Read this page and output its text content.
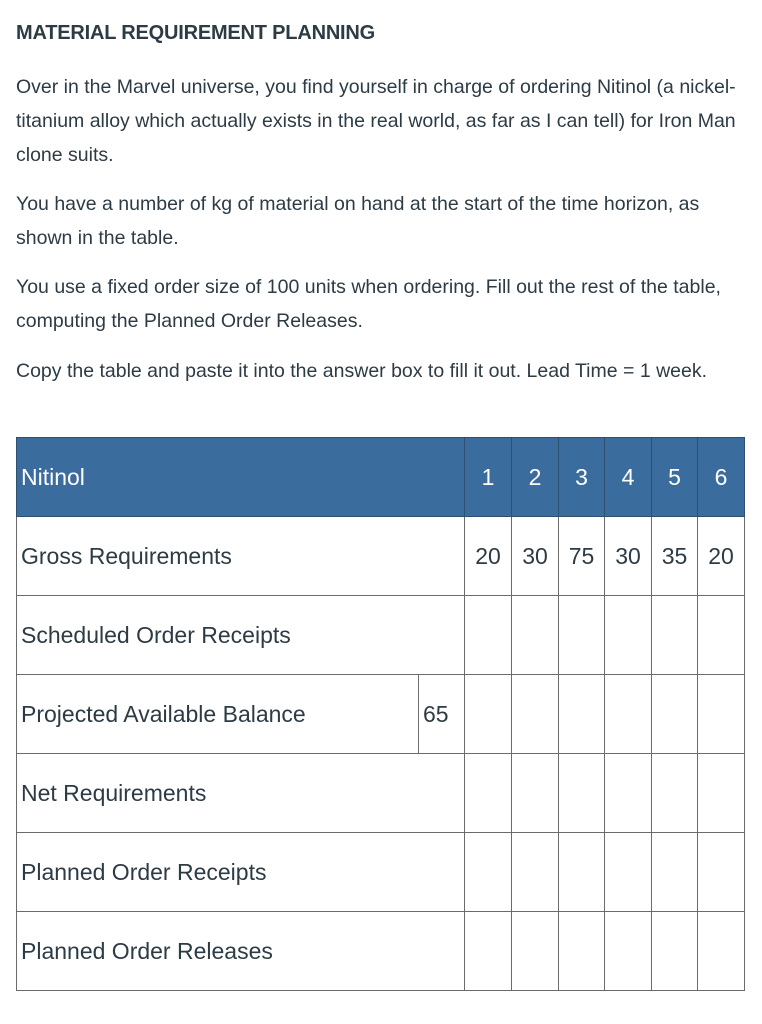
MATERIAL REQUIREMENT PLANNING
Over in the Marvel universe, you find yourself in charge of ordering Nitinol (a nickel-titanium alloy which actually exists in the real world, as far as I can tell) for Iron Man clone suits.
You have a number of kg of material on hand at the start of the time horizon, as shown in the table.
You use a fixed order size of 100 units when ordering. Fill out the rest of the table, computing the Planned Order Releases.
Copy the table and paste it into the answer box to fill it out. Lead Time = 1 week.
Nitinol		1	2	3	4	5	6
Gross Requirements		20	30	75	30	35	20
Scheduled Order Receipts							
Projected Available Balance	65						
Net Requirements							
Planned Order Receipts							
Planned Order Releases							
